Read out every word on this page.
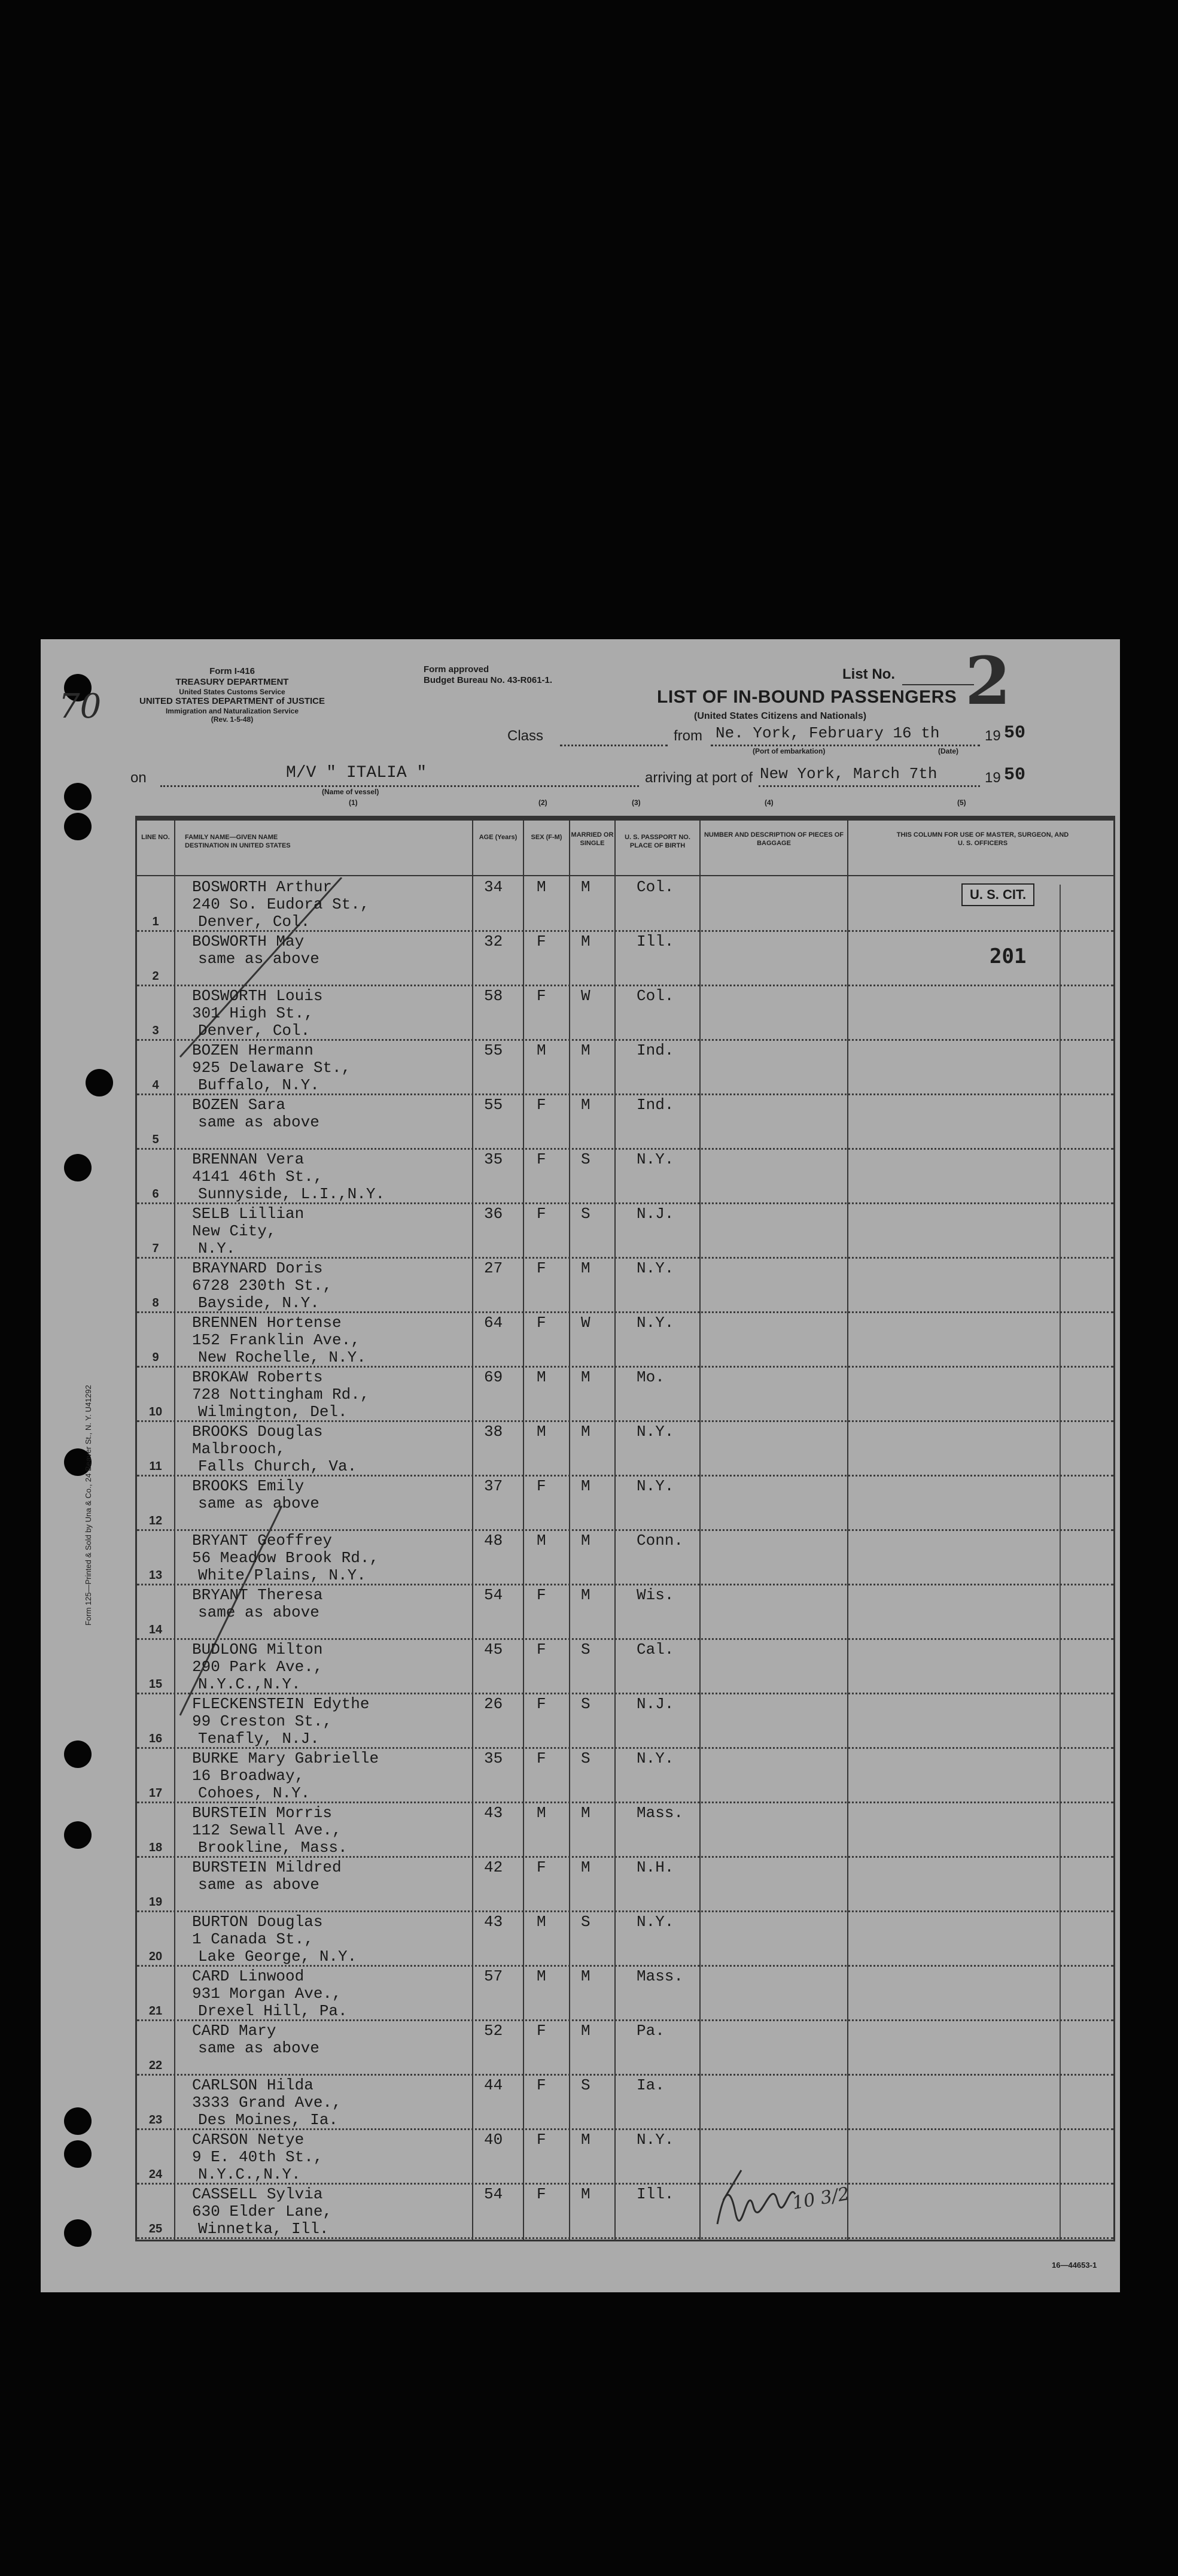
70
Form 125—Printed & Sold by Una & Co., 24 Beaver St., N. Y. U41292
Form I-416
TREASURY DEPARTMENT
United States Customs Service
UNITED STATES DEPARTMENT of JUSTICE
Immigration and Naturalization Service
(Rev. 1-5-48)
Form approved
Budget Bureau No. 43-R061-1.	List No. 2
LIST OF IN-BOUND PASSENGERS
(United States Citizens and Nationals)
Class	from Ne. York, February 16 th
(Port of embarkation)	(Date)
19 50
on	M/V " ITALIA "
(Name of vessel)
arriving at port of New York, March 7th	19 50
(1)	(2)	(3)	(4)	(5)
LINE NO.	FAMILY NAME—GIVEN NAME DESTINATION IN UNITED STATES
AGE (Years)	SEX (F-M)	MARRIED OR SINGLE
U. S. PASSPORT NO. PLACE OF BIRTH
NUMBER AND DESCRIPTION OF PIECES OF BAGGAGE
THIS COLUMN FOR USE OF MASTER, SURGEON, AND U. S. OFFICERS
U. S. CIT.
201
10 3/2
1
BOSWORTH Arthur
240 So. Eudora St.,
Denver, Col.
34 M M	Col.
2
BOSWORTH May
same as above
32 F M	Ill.
3
BOSWORTH Louis
301 High St.,
Denver, Col.
58 F W	Col.
4
BOZEN Hermann
925 Delaware St.,
Buffalo, N.Y.
55 M M	Ind.
5
BOZEN Sara
same as above
55 F M	Ind.
6
BRENNAN Vera
4141 46th St.,
Sunnyside, L.I.,N.Y.
35 F S	N.Y.
7
SELB Lillian
New City,
N.Y.
36 F S	N.J.
8
BRAYNARD Doris
6728 230th St.,
Bayside, N.Y.
27 F M	N.Y.
9
BRENNEN Hortense
152 Franklin Ave.,
New Rochelle, N.Y.
64 F W	N.Y.
10
BROKAW Roberts
728 Nottingham Rd.,
Wilmington, Del.
69 M M	Mo.
11
BROOKS Douglas
Malbrooch,
Falls Church, Va.
38 M M	N.Y.
12
BROOKS Emily
same as above
37 F M	N.Y.
13
BRYANT Geoffrey
56 Meadow Brook Rd.,
White Plains, N.Y.
48 M M	Conn.
14
BRYANT Theresa
same as above
54 F M	Wis.
15
BUDLONG Milton
290 Park Ave.,
N.Y.C.,N.Y.
45 F S	Cal.
16
FLECKENSTEIN Edythe
99 Creston St.,
Tenafly, N.J.
26 F S	N.J.
17
BURKE Mary Gabrielle
16 Broadway,
Cohoes, N.Y.
35 F S	N.Y.
18
BURSTEIN Morris
112 Sewall Ave.,
Brookline, Mass.
43 M M	Mass.
19
BURSTEIN Mildred
same as above
42 F M	N.H.
20
BURTON Douglas
1 Canada St.,
Lake George, N.Y.
43 M S	N.Y.
21
CARD Linwood
931 Morgan Ave.,
Drexel Hill, Pa.
57 M M	Mass.
22
CARD Mary
same as above
52 F M	Pa.
23
CARLSON Hilda
3333 Grand Ave.,
Des Moines, Ia.
44 F S	Ia.
24
CARSON Netye
9 E. 40th St.,
N.Y.C.,N.Y.
40 F M	N.Y.
25
CASSELL Sylvia
630 Elder Lane,
Winnetka, Ill.
54 F M	Ill.
16—44653-1
